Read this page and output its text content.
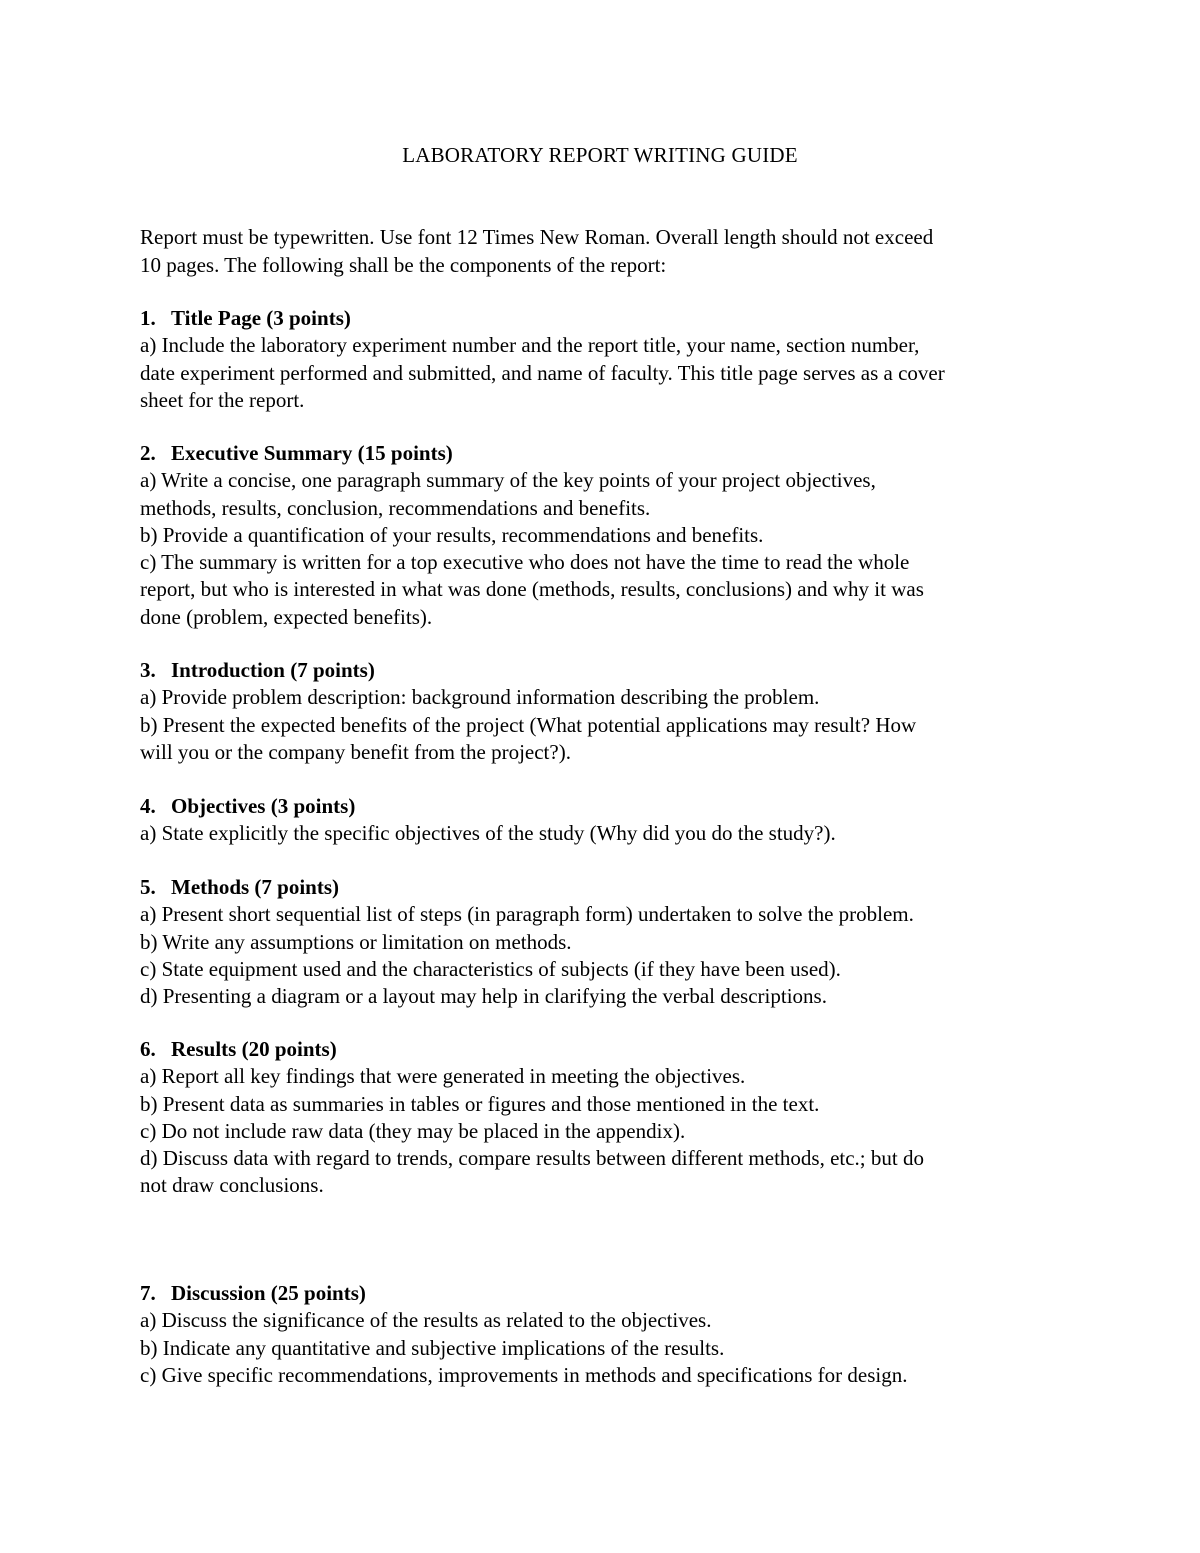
LABORATORY REPORT WRITING GUIDE
Report must be typewritten. Use font 12 Times New Roman. Overall length should not exceed
10 pages. The following shall be the components of the report:
1. Title Page (3 points)
a) Include the laboratory experiment number and the report title, your name, section number,
date experiment performed and submitted, and name of faculty. This title page serves as a cover
sheet for the report.
2. Executive Summary (15 points)
a) Write a concise, one paragraph summary of the key points of your project objectives,
methods, results, conclusion, recommendations and benefits.
b) Provide a quantification of your results, recommendations and benefits.
c) The summary is written for a top executive who does not have the time to read the whole
report, but who is interested in what was done (methods, results, conclusions) and why it was
done (problem, expected benefits).
3. Introduction (7 points)
a) Provide problem description: background information describing the problem.
b) Present the expected benefits of the project (What potential applications may result? How
will you or the company benefit from the project?).
4. Objectives (3 points)
a) State explicitly the specific objectives of the study (Why did you do the study?).
5. Methods (7 points)
a) Present short sequential list of steps (in paragraph form) undertaken to solve the problem.
b) Write any assumptions or limitation on methods.
c) State equipment used and the characteristics of subjects (if they have been used).
d) Presenting a diagram or a layout may help in clarifying the verbal descriptions.
6. Results (20 points)
a) Report all key findings that were generated in meeting the objectives.
b) Present data as summaries in tables or figures and those mentioned in the text.
c) Do not include raw data (they may be placed in the appendix).
d) Discuss data with regard to trends, compare results between different methods, etc.; but do
not draw conclusions.
7. Discussion (25 points)
a) Discuss the significance of the results as related to the objectives.
b) Indicate any quantitative and subjective implications of the results.
c) Give specific recommendations, improvements in methods and specifications for design.
